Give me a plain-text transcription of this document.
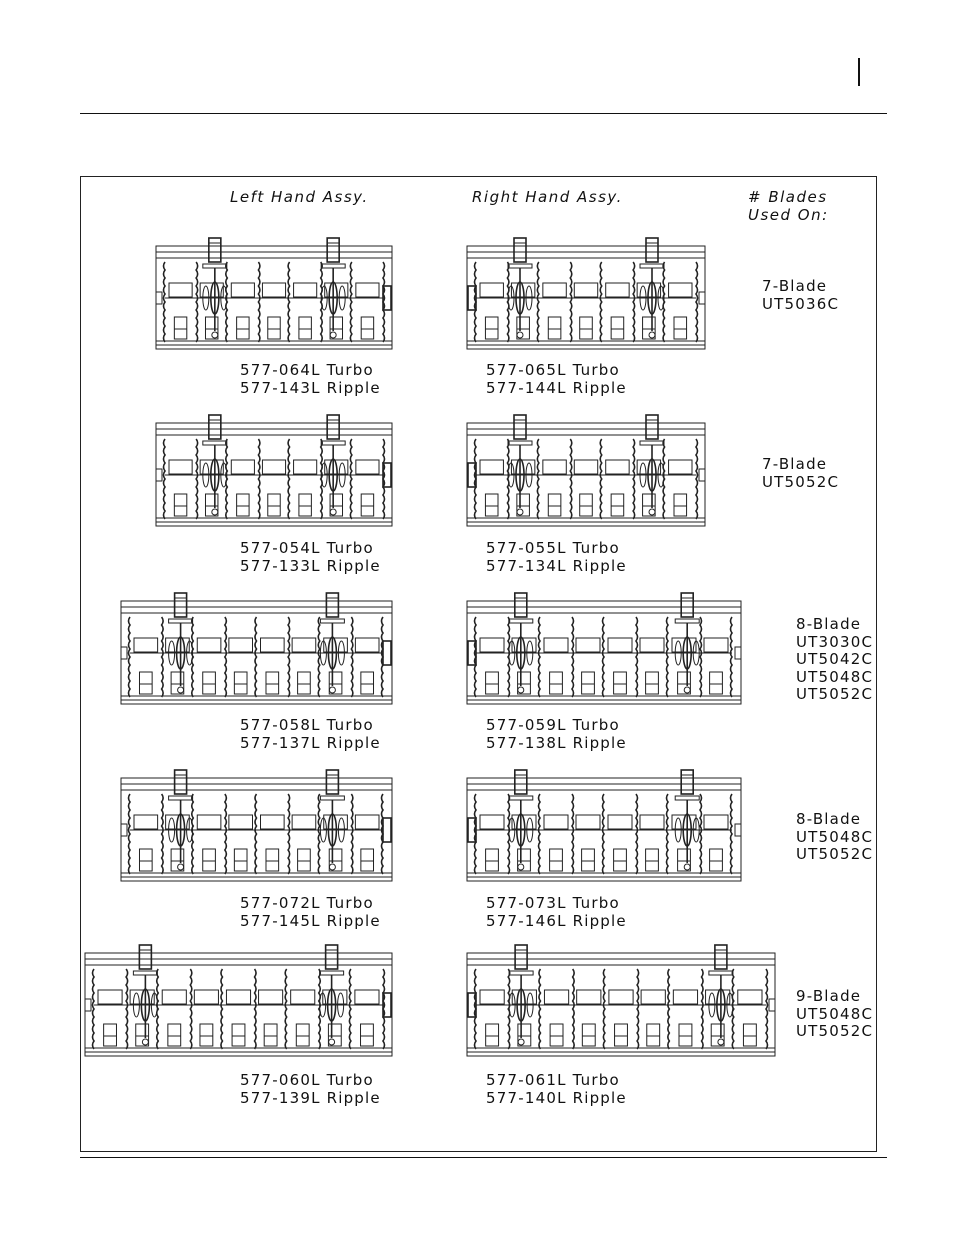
Left Hand Assy.	Right Hand Assy.	# Blades
Used On:
577-064L Turbo
577-143L Ripple
577-065L Turbo
577-144L Ripple
7-Blade
UT5036C
577-054L Turbo
577-133L Ripple
577-055L Turbo
577-134L Ripple
7-Blade
UT5052C
577-058L Turbo
577-137L Ripple
577-059L Turbo
577-138L Ripple
8-Blade
UT3030C
UT5042C
UT5048C
UT5052C
577-072L Turbo
577-145L Ripple
577-073L Turbo
577-146L Ripple
8-Blade
UT5048C
UT5052C
577-060L Turbo
577-139L Ripple
577-061L Turbo
577-140L Ripple
9-Blade
UT5048C
UT5052C
